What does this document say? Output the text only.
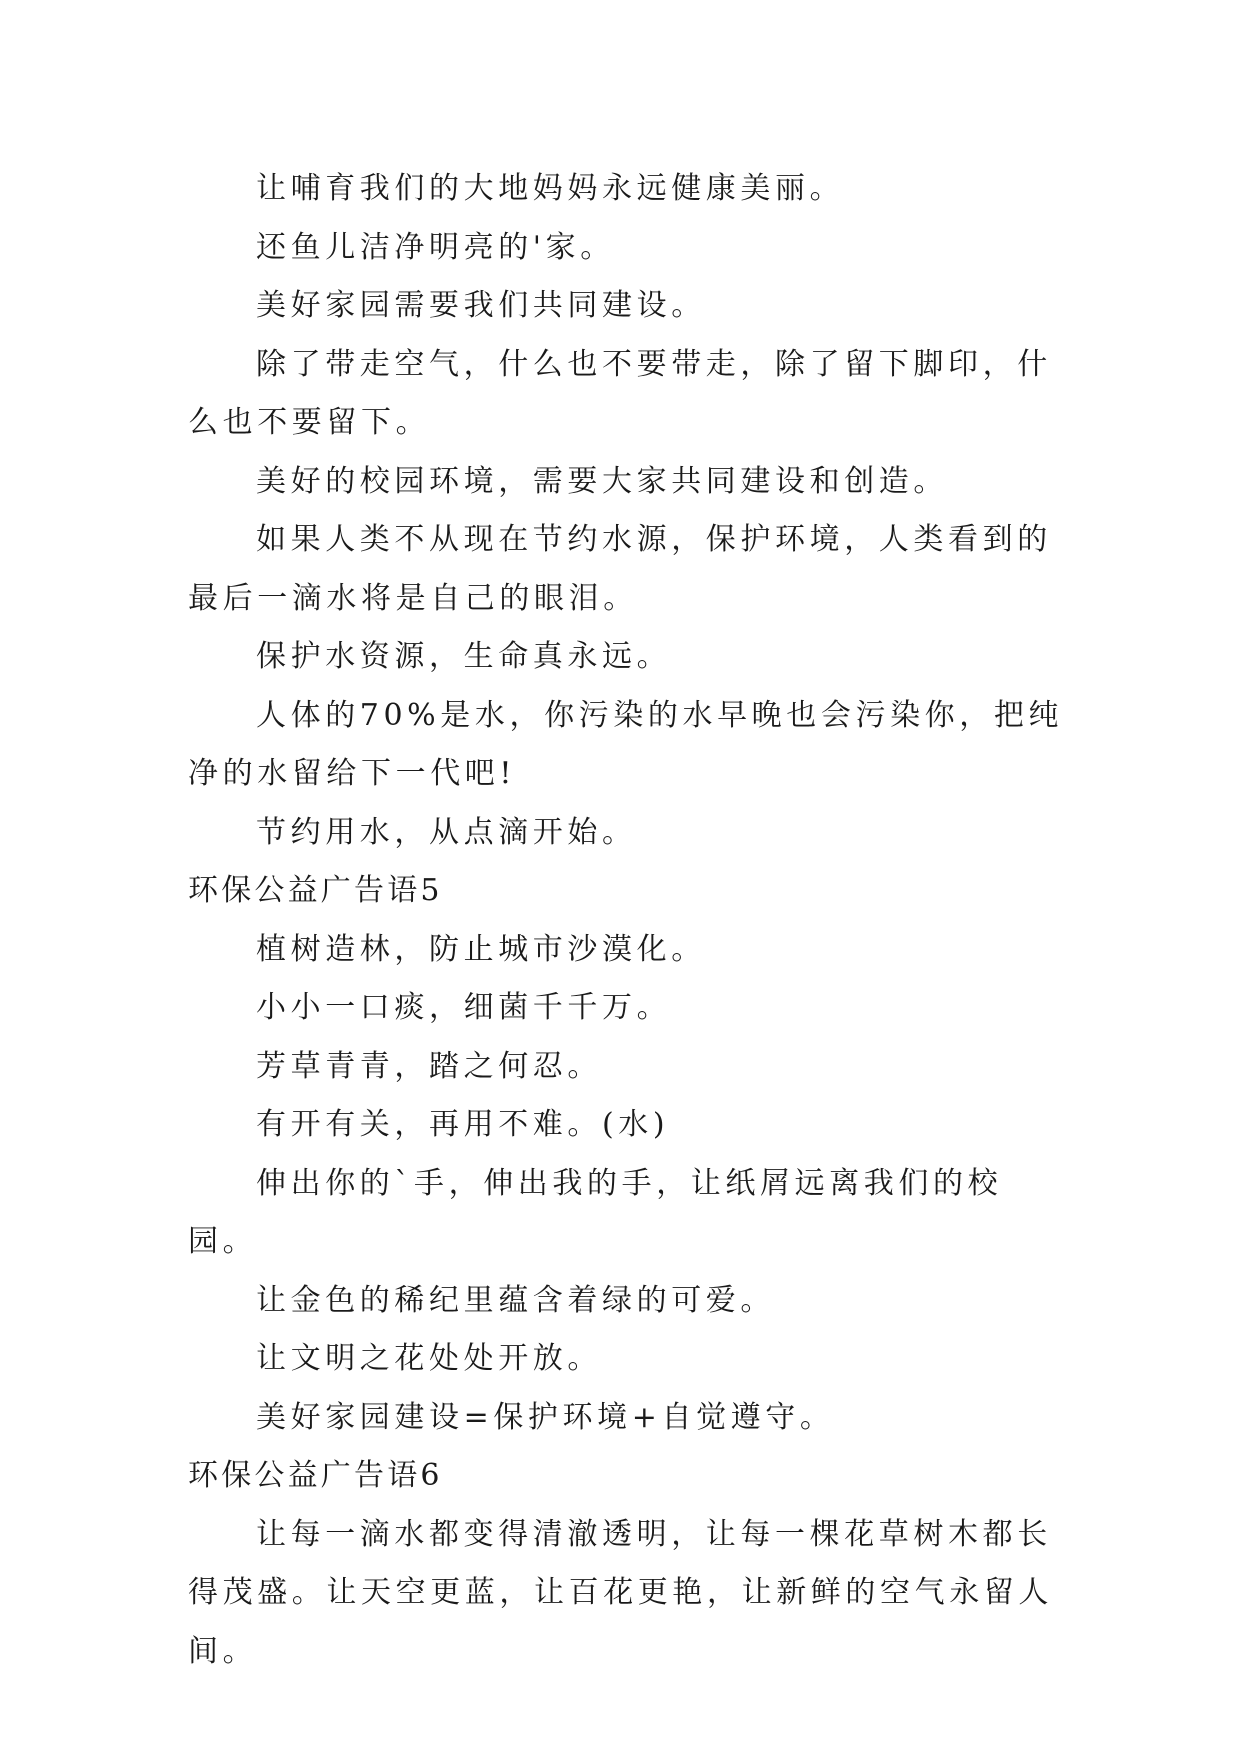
让哺育我们的大地妈妈永远健康美丽。

还鱼儿洁净明亮的'家。

美好家园需要我们共同建设。

除了带走空气，什么也不要带走，除了留下脚印，什么也不要留下。

美好的校园环境，需要大家共同建设和创造。

如果人类不从现在节约水源，保护环境，人类看到的最后一滴水将是自己的眼泪。

保护水资源，生命真永远。

人体的70%是水，你污染的水早晚也会污染你，把纯净的水留给下一代吧!

节约用水，从点滴开始。

环保公益广告语5

植树造林，防止城市沙漠化。

小小一口痰，细菌千千万。

芳草青青，踏之何忍。

有开有关，再用不难。(水)

伸出你的`手，伸出我的手，让纸屑远离我们的校园。

让金色的稀纪里蕴含着绿的可爱。

让文明之花处处开放。

美好家园建设=保护环境+自觉遵守。

环保公益广告语6

让每一滴水都变得清澈透明，让每一棵花草树木都长得茂盛。让天空更蓝，让百花更艳，让新鲜的空气永留人间。
